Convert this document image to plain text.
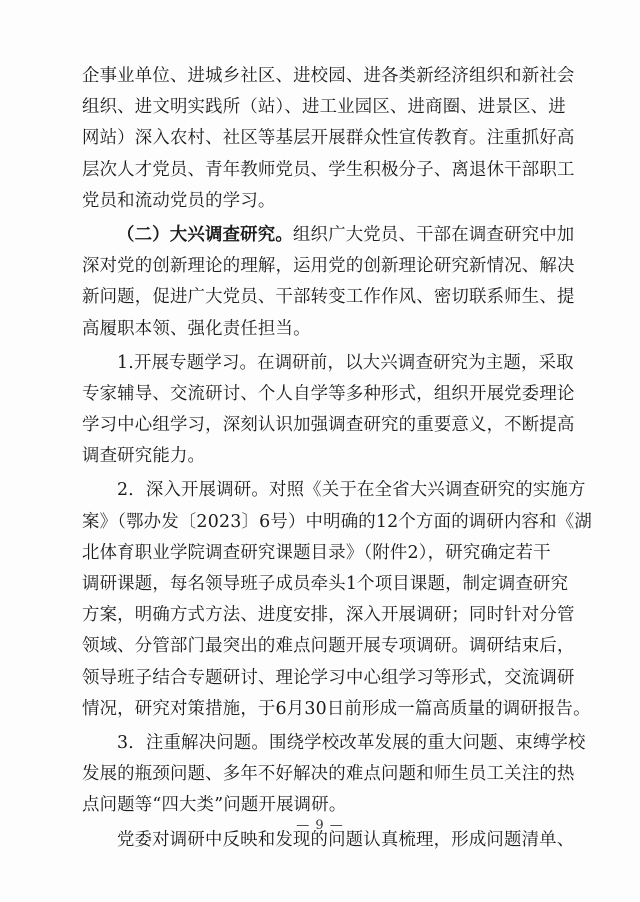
企事业单位、进城乡社区、进校园、进各类新经济组织和新社会
组织、进文明实践所（站）、进工业园区、进商圈、进景区、进
网站）深入农村、社区等基层开展群众性宣传教育。注重抓好高
层次人才党员、青年教师党员、学生积极分子、离退休干部职工
党员和流动党员的学习。
（二）大兴调查研究。组织广大党员、干部在调查研究中加
深对党的创新理论的理解，运用党的创新理论研究新情况、解决
新问题，促进广大党员、干部转变工作作风、密切联系师生、提
高履职本领、强化责任担当。
1.开展专题学习。在调研前，以大兴调查研究为主题，采取
专家辅导、交流研讨、个人自学等多种形式，组织开展党委理论
学习中心组学习，深刻认识加强调查研究的重要意义，不断提高
调查研究能力。
2．深入开展调研。对照《关于在全省大兴调查研究的实施方
案》（鄂办发〔2023〕6号）中明确的12个方面的调研内容和《湖
北体育职业学院调查研究课题目录》（附件2），研究确定若干
调研课题，每名领导班子成员牵头1个项目课题，制定调查研究
方案，明确方式方法、进度安排，深入开展调研；同时针对分管
领域、分管部门最突出的难点问题开展专项调研。调研结束后，
领导班子结合专题研讨、理论学习中心组学习等形式，交流调研
情况，研究对策措施，于6月30日前形成一篇高质量的调研报告。
3．注重解决问题。围绕学校改革发展的重大问题、束缚学校
发展的瓶颈问题、多年不好解决的难点问题和师生员工关注的热
点问题等“四大类”问题开展调研。
党委对调研中反映和发现的问题认真梳理，形成问题清单、
— 9 —
